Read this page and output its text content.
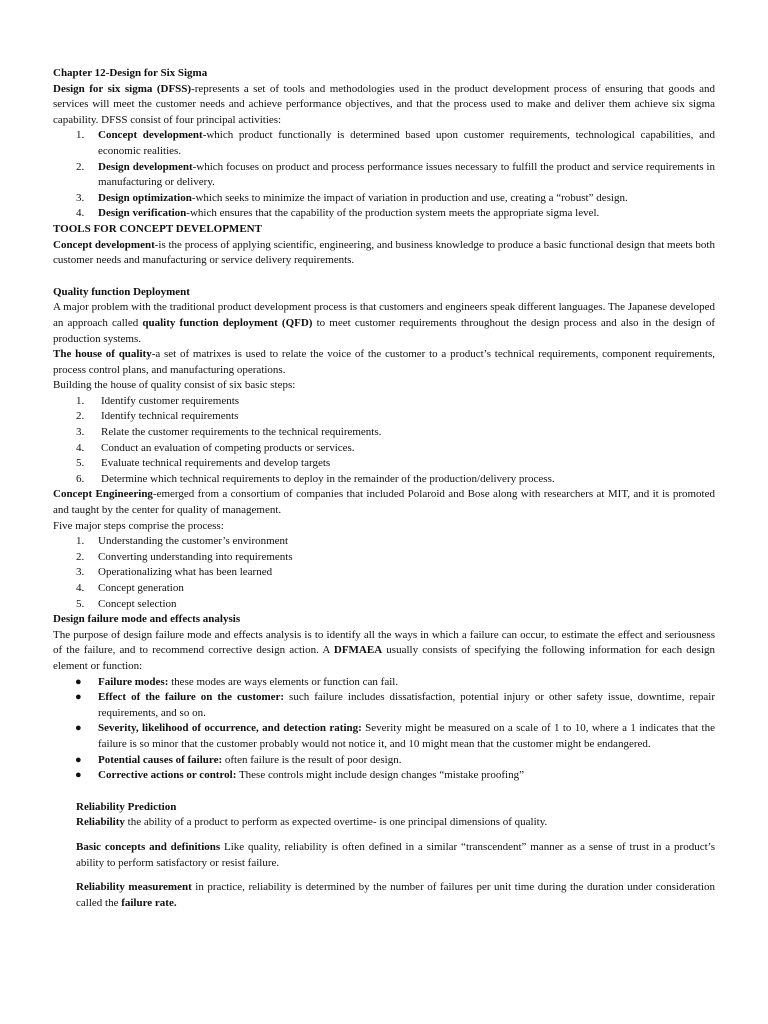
Chapter 12-Design for Six Sigma

Design for six sigma (DFSS)-represents a set of tools and methodologies used in the product development process of ensuring that goods and services will meet the customer needs and achieve performance objectives, and that the process used to make and deliver them achieve six sigma capability. DFSS consist of four principal activities:

1. Concept development-which product functionally is determined based upon customer requirements, technological capabilities, and economic realities.
2. Design development-which focuses on product and process performance issues necessary to fulfill the product and service requirements in manufacturing or delivery.
3. Design optimization-which seeks to minimize the impact of variation in production and use, creating a “robust” design.
4. Design verification-which ensures that the capability of the production system meets the appropriate sigma level.

TOOLS FOR CONCEPT DEVELOPMENT

Concept development-is the process of applying scientific, engineering, and business knowledge to produce a basic functional design that meets both customer needs and manufacturing or service delivery requirements.

Quality function Deployment

A major problem with the traditional product development process is that customers and engineers speak different languages. The Japanese developed an approach called quality function deployment (QFD) to meet customer requirements throughout the design process and also in the design of production systems.

The house of quality-a set of matrixes is used to relate the voice of the customer to a product’s technical requirements, component requirements, process control plans, and manufacturing operations.

Building the house of quality consist of six basic steps:

1. Identify customer requirements
2. Identify technical requirements
3. Relate the customer requirements to the technical requirements.
4. Conduct an evaluation of competing products or services.
5. Evaluate technical requirements and develop targets
6. Determine which technical requirements to deploy in the remainder of the production/delivery process.

Concept Engineering-emerged from a consortium of companies that included Polaroid and Bose along with researchers at MIT, and it is promoted and taught by the center for quality of management.

Five major steps comprise the process:

1. Understanding the customer’s environment
2. Converting understanding into requirements
3. Operationalizing what has been learned
4. Concept generation
5. Concept selection

Design failure mode and effects analysis

The purpose of design failure mode and effects analysis is to identify all the ways in which a failure can occur, to estimate the effect and seriousness of the failure, and to recommend corrective design action. A DFMAEA usually consists of specifying the following information for each design element or function:

● Failure modes: these modes are ways elements or function can fail.
● Effect of the failure on the customer: such failure includes dissatisfaction, potential injury or other safety issue, downtime, repair requirements, and so on.
● Severity, likelihood of occurrence, and detection rating: Severity might be measured on a scale of 1 to 10, where a 1 indicates that the failure is so minor that the customer probably would not notice it, and 10 might mean that the customer might be endangered.
● Potential causes of failure: often failure is the result of poor design.
● Corrective actions or control: These controls might include design changes “mistake proofing”

Reliability Prediction

Reliability the ability of a product to perform as expected overtime- is one principal dimensions of quality.

Basic concepts and definitions Like quality, reliability is often defined in a similar “transcendent” manner as a sense of trust in a product’s ability to perform satisfactory or resist failure.

Reliability measurement in practice, reliability is determined by the number of failures per unit time during the duration under consideration called the failure rate.
